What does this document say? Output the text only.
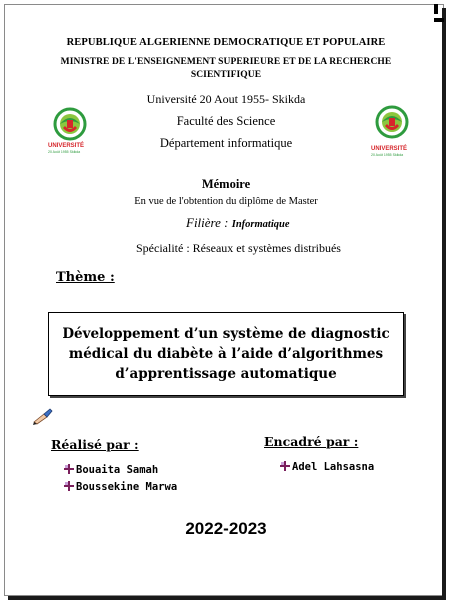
REPUBLIQUE ALGERIENNE DEMOCRATIQUE ET POPULAIRE
MINISTRE DE L'ENSEIGNEMENT SUPERIEURE ET DE LA RECHERCHE
SCIENTIFIQUE
Université 20 Aout 1955- Skikda
Faculté des Science
Département informatique
UNIVERSITÉ
20 Août 1955 Skikda	UNIVERSITÉ
20 Août 1955 Skikda
Mémoire
En vue de l'obtention du diplôme de Master
Filière : Informatique
Spécialité : Réseaux et systèmes distribués
Thème :
Développement d’un système de diagnostic médical du diabète à l’aide d’algorithmes d’apprentissage automatique
Réalisé par :	Encadré par :
Bouaita Samah
Boussekine Marwa
Adel Lahsasna
2022-2023
